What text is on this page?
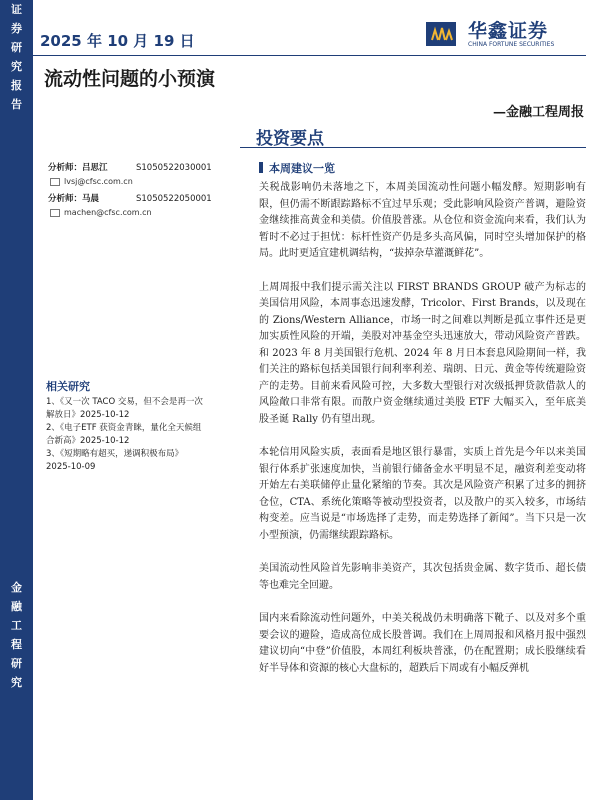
证
券
研
究
报
告
金
融
工
程
研
究
2025 年 10 月 19 日	华鑫证券
CHINA FORTUNE SECURITIES
流动性问题的小预演
—金融工程周报
投资要点
分析师：吕思江	S1050522030001
lvsj@cfsc.com.cn
分析师：马晨	S1050522050001
machen@cfsc.com.cn
相关研究
1、《又一次 TACO 交易，但不会是再一次解放日》2025-10-12
2、《电子ETF 获资金青睐，量化全天候组合新高》2025-10-12
3、《短期略有超买，递调积极布局》2025-10-09
本周建议一览

关税战影响仍未落地之下，本周美国流动性问题小幅发酵。短期影响有限，但仍需不断跟踪路标不宜过早乐观；受此影响风险资产普调，避险资金继续推高黄金和美债。价值股普涨。从仓位和资金流向来看，我们认为暂时不必过于担忧：标杆性资产仍是多头高风偏，同时空头增加保护的格局。此时更适宜建机调结构，“拔掉杂草灌溉鲜花”。

上周周报中我们提示需关注以 FIRST BRANDS GROUP 破产为标志的美国信用风险，本周事态迅速发酵，Tricolor、First Brands，以及现在的 Zions/Western Alliance，市场一时之间难以判断是孤立事件还是更加实质性风险的开端，美股对冲基金空头迅速放大，带动风险资产普跌。和 2023 年 8 月美国银行危机、2024 年 8 月日本套息风险期间一样，我们关注的路标包括美国银行间利率利差、瑞朗、日元、黄金等传统避险资产的走势。目前来看风险可控，大多数大型银行对次级抵押贷款借款人的风险敞口非常有限。而散户资金继续通过美股 ETF 大幅买入，至年底美股圣诞 Rally 仍有望出现。

本轮信用风险实质，表面看是地区银行暴雷，实质上首先是今年以来美国银行体系扩张速度加快，当前银行储备金水平明显不足，融资利差变动将开始左右美联储停止量化紧缩的节奏。其次是风险资产积累了过多的拥挤仓位，CTA、系统化策略等被动型投资者，以及散户的买入较多，市场结构变差。应当说是“市场选择了走势，而走势选择了新闻”。当下只是一次小型预演，仍需继续跟踪路标。

美国流动性风险首先影响非美资产，其次包括贵金属、数字货币、超长债等也难完全回避。

国内来看除流动性问题外，中美关税战仍未明确落下靴子、以及对多个重要会议的避险，造成高位成长股普调。我们在上周周报和风格月报中强烈建议切向“中登”价值股，本周红利板块普涨，仍在配置期；成长股继续看好半导体和资源的核心大盘标的，超跌后下周或有小幅反弹机
